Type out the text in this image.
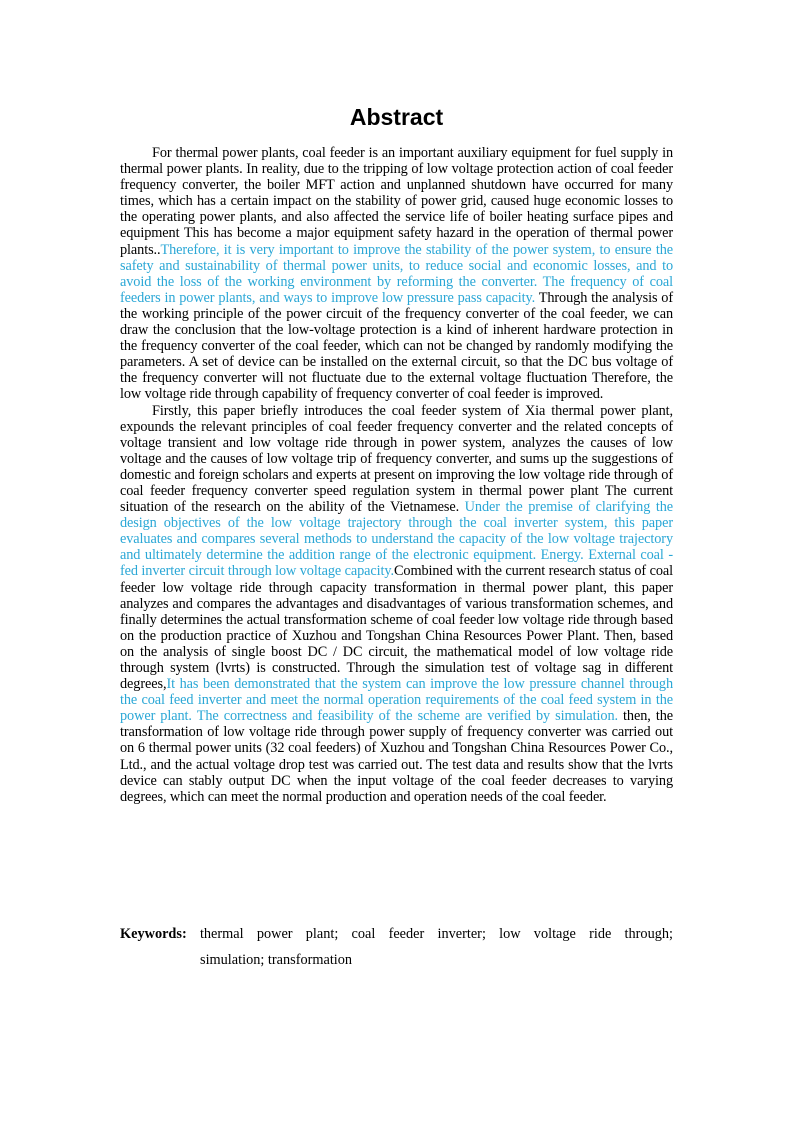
Abstract

For thermal power plants, coal feeder is an important auxiliary equipment for fuel supply in thermal power plants. In reality, due to the tripping of low voltage protection action of coal feeder frequency converter, the boiler MFT action and unplanned shutdown have occurred for many times, which has a certain impact on the stability of power grid, caused huge economic losses to the operating power plants, and also affected the service life of boiler heating surface pipes and equipment This has become a major equipment safety hazard in the operation of thermal power plants..Therefore, it is very important to improve the stability of the power system, to ensure the safety and sustainability of thermal power units, to reduce social and economic losses, and to avoid the loss of the working environment by reforming the converter. The frequency of coal feeders in power plants, and ways to improve low pressure pass capacity. Through the analysis of the working principle of the power circuit of the frequency converter of the coal feeder, we can draw the conclusion that the low-voltage protection is a kind of inherent hardware protection in the frequency converter of the coal feeder, which can not be changed by randomly modifying the parameters. A set of device can be installed on the external circuit, so that the DC bus voltage of the frequency converter will not fluctuate due to the external voltage fluctuation Therefore, the low voltage ride through capability of frequency converter of coal feeder is improved.

Firstly, this paper briefly introduces the coal feeder system of Xia thermal power plant, expounds the relevant principles of coal feeder frequency converter and the related concepts of voltage transient and low voltage ride through in power system, analyzes the causes of low voltage and the causes of low voltage trip of frequency converter, and sums up the suggestions of domestic and foreign scholars and experts at present on improving the low voltage ride through of coal feeder frequency converter speed regulation system in thermal power plant The current situation of the research on the ability of the Vietnamese. Under the premise of clarifying the design objectives of the low voltage trajectory through the coal inverter system, this paper evaluates and compares several methods to understand the capacity of the low voltage trajectory and ultimately determine the addition range of the electronic equipment. Energy. External coal - fed inverter circuit through low voltage capacity.Combined with the current research status of coal feeder low voltage ride through capacity transformation in thermal power plant, this paper analyzes and compares the advantages and disadvantages of various transformation schemes, and finally determines the actual transformation scheme of coal feeder low voltage ride through based on the production practice of Xuzhou and Tongshan China Resources Power Plant. Then, based on the analysis of single boost DC / DC circuit, the mathematical model of low voltage ride through system (lvrts) is constructed. Through the simulation test of voltage sag in different degrees,It has been demonstrated that the system can improve the low pressure channel through the coal feed inverter and meet the normal operation requirements of the coal feed system in the power plant. The correctness and feasibility of the scheme are verified by simulation. then, the transformation of low voltage ride through power supply of frequency converter was carried out on 6 thermal power units (32 coal feeders) of Xuzhou and Tongshan China Resources Power Co., Ltd., and the actual voltage drop test was carried out. The test data and results show that the lvrts device can stably output DC when the input voltage of the coal feeder decreases to varying degrees, which can meet the normal production and operation needs of the coal feeder.

Keywords: thermal power plant; coal feeder inverter; low voltage ride through;
simulation; transformation
